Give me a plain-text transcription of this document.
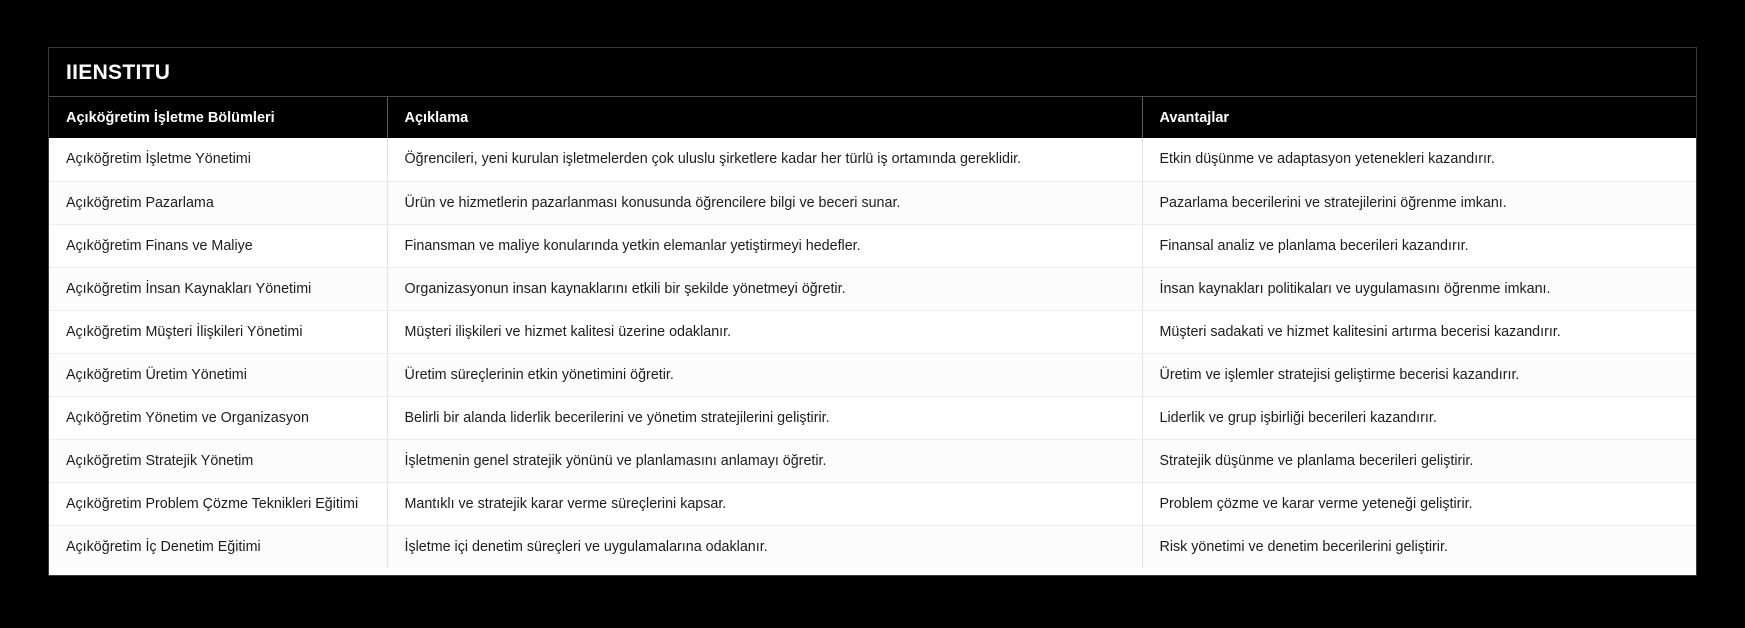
IIENSTITU
Açıköğretim İşletme Bölümleri	Açıklama	Avantajlar
Açıköğretim İşletme Yönetimi	Öğrencileri, yeni kurulan işletmelerden çok uluslu şirketlere kadar her türlü iş ortamında gereklidir.	Etkin düşünme ve adaptasyon yetenekleri kazandırır.
Açıköğretim Pazarlama	Ürün ve hizmetlerin pazarlanması konusunda öğrencilere bilgi ve beceri sunar.	Pazarlama becerilerini ve stratejilerini öğrenme imkanı.
Açıköğretim Finans ve Maliye	Finansman ve maliye konularında yetkin elemanlar yetiştirmeyi hedefler.	Finansal analiz ve planlama becerileri kazandırır.
Açıköğretim İnsan Kaynakları Yönetimi	Organizasyonun insan kaynaklarını etkili bir şekilde yönetmeyi öğretir.	İnsan kaynakları politikaları ve uygulamasını öğrenme imkanı.
Açıköğretim Müşteri İlişkileri Yönetimi	Müşteri ilişkileri ve hizmet kalitesi üzerine odaklanır.	Müşteri sadakati ve hizmet kalitesini artırma becerisi kazandırır.
Açıköğretim Üretim Yönetimi	Üretim süreçlerinin etkin yönetimini öğretir.	Üretim ve işlemler stratejisi geliştirme becerisi kazandırır.
Açıköğretim Yönetim ve Organizasyon	Belirli bir alanda liderlik becerilerini ve yönetim stratejilerini geliştirir.	Liderlik ve grup işbirliği becerileri kazandırır.
Açıköğretim Stratejik Yönetim	İşletmenin genel stratejik yönünü ve planlamasını anlamayı öğretir.	Stratejik düşünme ve planlama becerileri geliştirir.
Açıköğretim Problem Çözme Teknikleri Eğitimi	Mantıklı ve stratejik karar verme süreçlerini kapsar.	Problem çözme ve karar verme yeteneği geliştirir.
Açıköğretim İç Denetim Eğitimi	İşletme içi denetim süreçleri ve uygulamalarına odaklanır.	Risk yönetimi ve denetim becerilerini geliştirir.
